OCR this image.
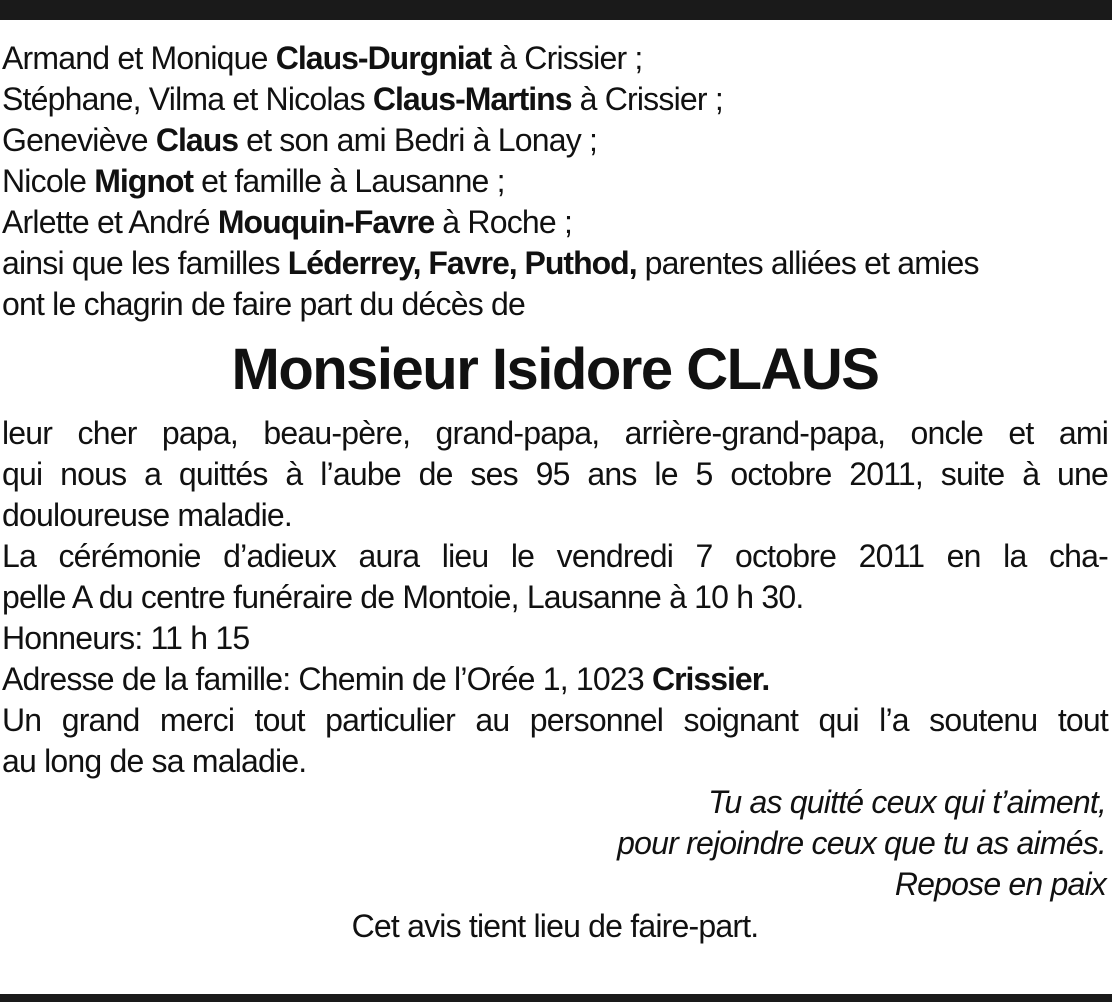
Armand et Monique Claus-Durgniat à Crissier ;
Stéphane, Vilma et Nicolas Claus-Martins à Crissier ;
Geneviève Claus et son ami Bedri à Lonay ;
Nicole Mignot et famille à Lausanne ;
Arlette et André Mouquin-Favre à Roche ;
ainsi que les familles Léderrey, Favre, Puthod, parentes alliées et amies
ont le chagrin de faire part du décès de
Monsieur Isidore CLAUS
leur cher papa, beau-père, grand-papa, arrière-grand-papa, oncle et ami
qui nous a quittés à l’aube de ses 95 ans le 5 octobre 2011, suite à une
douloureuse maladie.
La cérémonie d’adieux aura lieu le vendredi 7 octobre 2011 en la cha-
pelle A du centre funéraire de Montoie, Lausanne à 10 h 30.
Honneurs: 11 h 15
Adresse de la famille: Chemin de l’Orée 1, 1023 Crissier.
Un grand merci tout particulier au personnel soignant qui l’a soutenu tout
au long de sa maladie.
Tu as quitté ceux qui t’aiment,
pour rejoindre ceux que tu as aimés.
Repose en paix
Cet avis tient lieu de faire-part.
